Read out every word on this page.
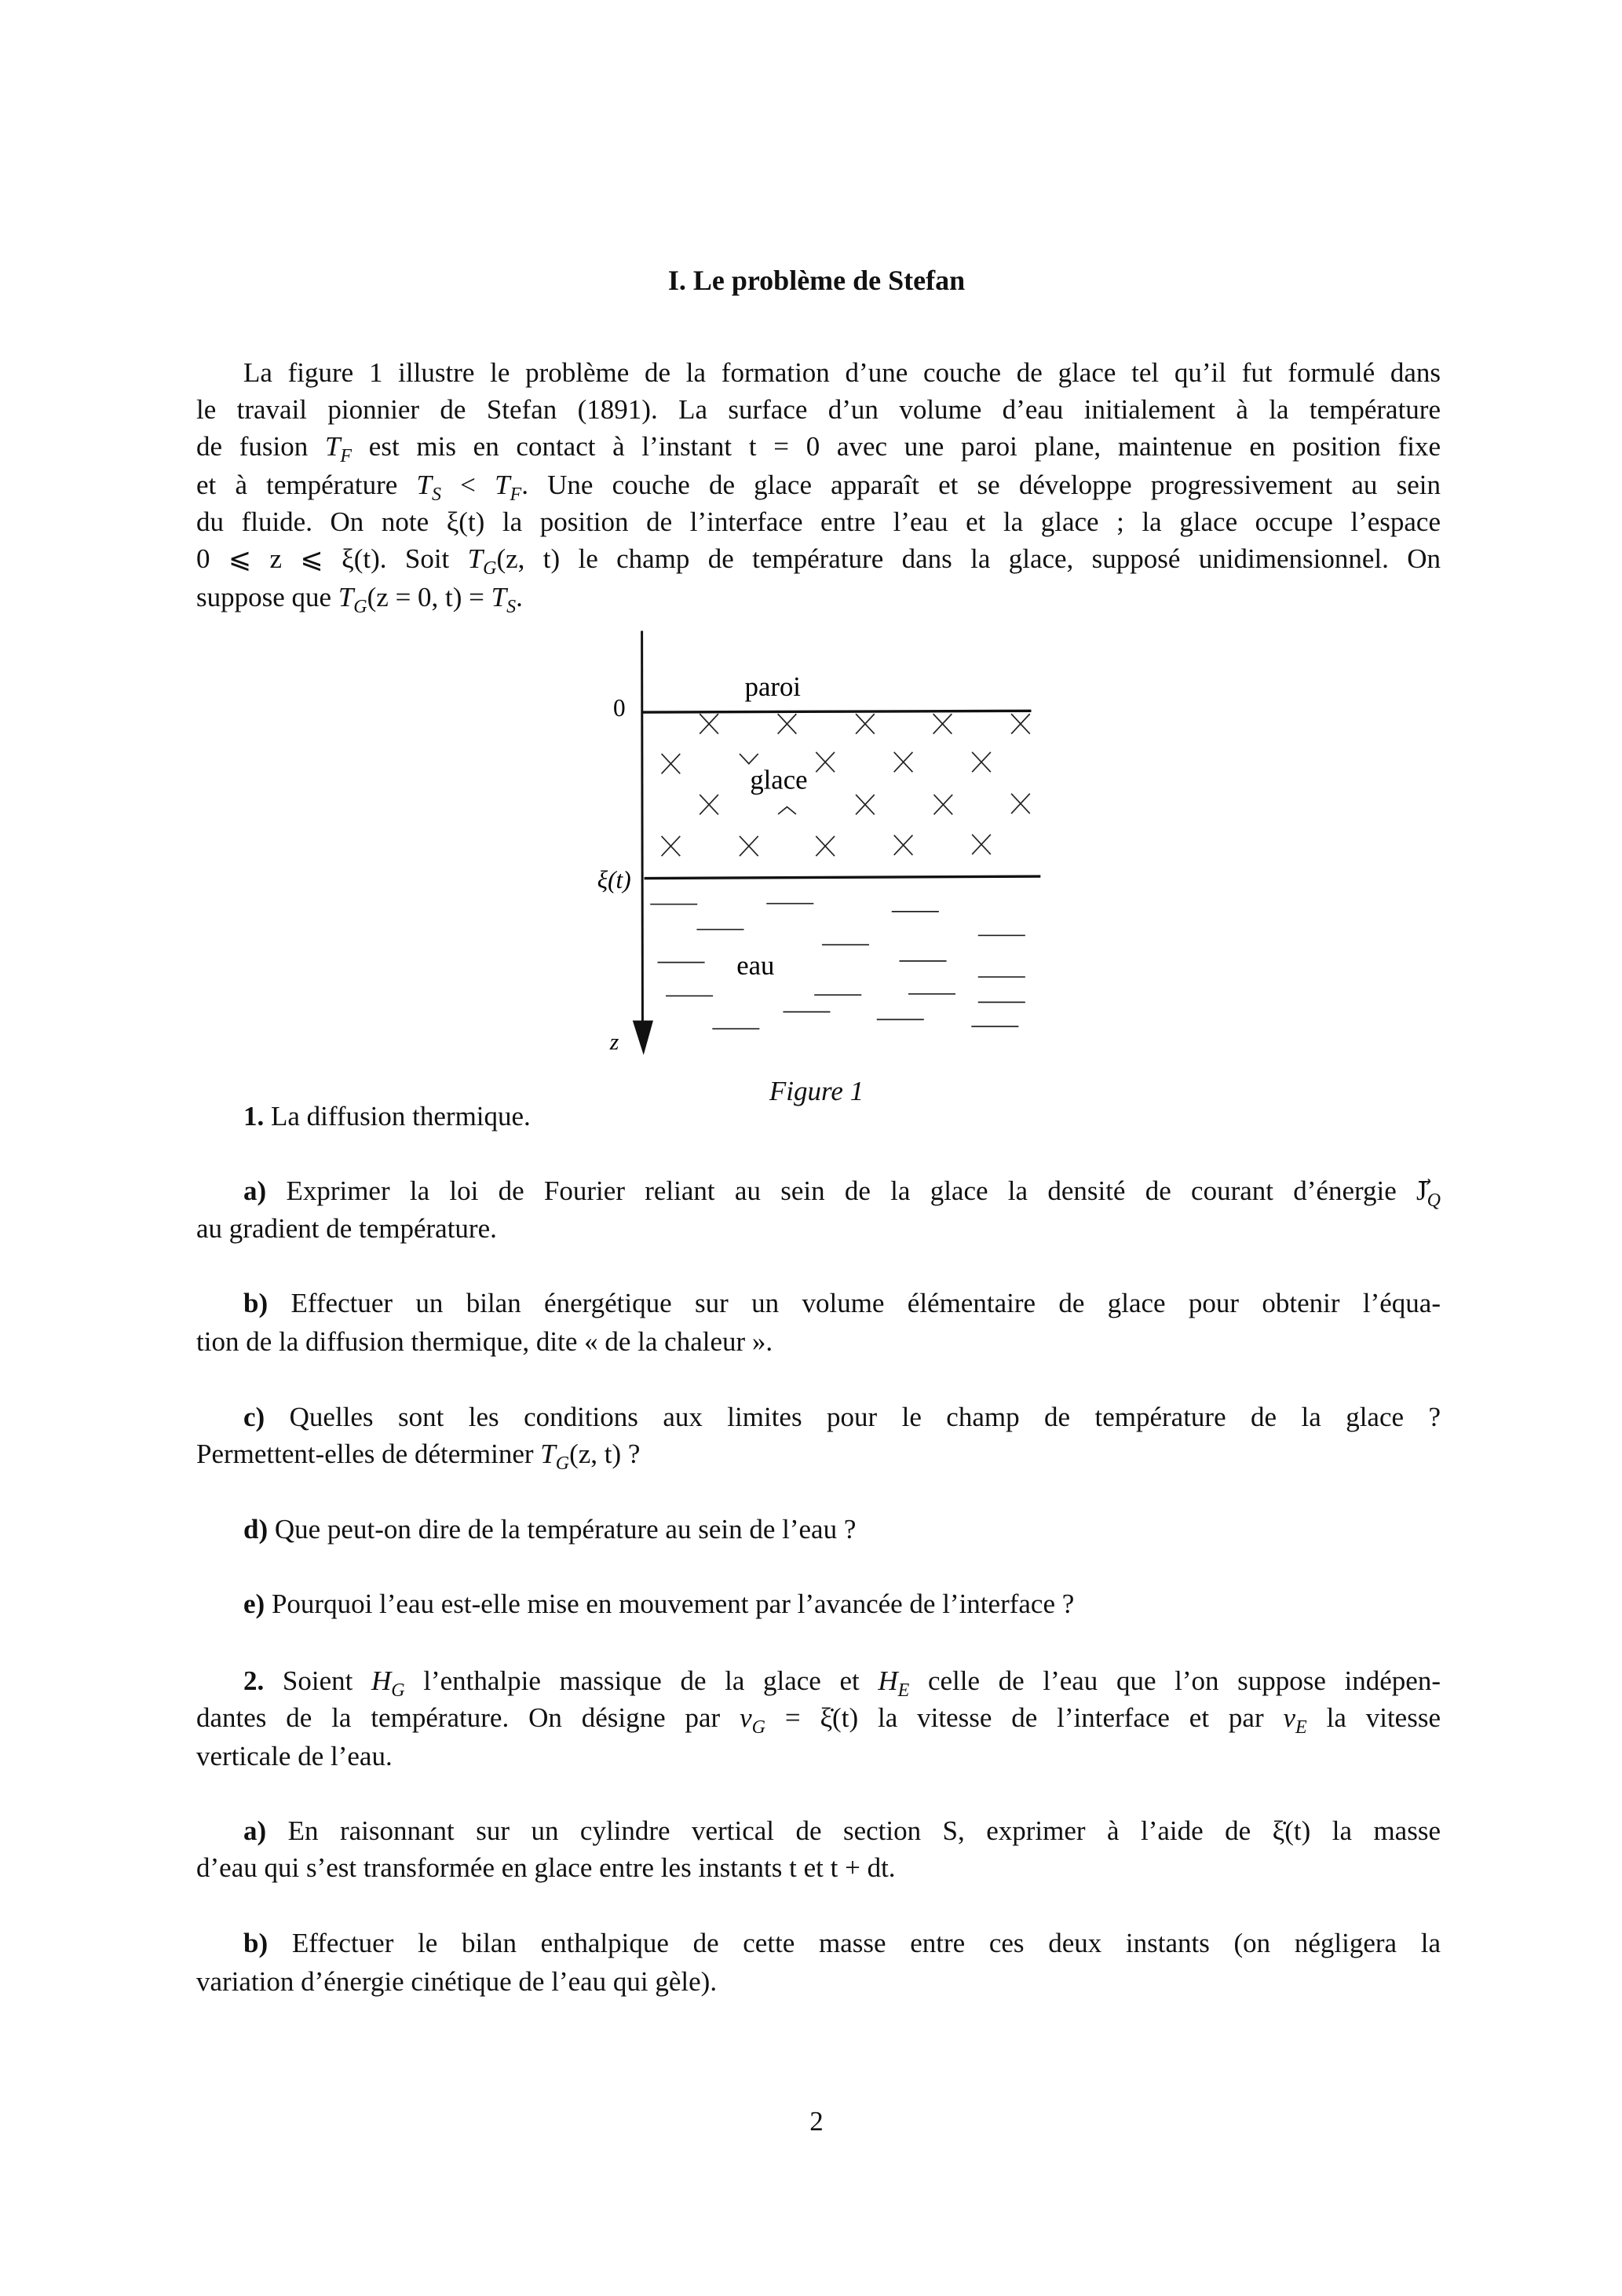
I. Le problème de Stefan
La figure 1 illustre le problème de la formation d’une couche de glace tel qu’il fut formulé dans
le travail pionnier de Stefan (1891). La surface d’un volume d’eau initialement à la température
de fusion $T_F$ est mis en contact à l’instant t = 0 avec une paroi plane, maintenue en position fixe
et à température $T_S < T_F$. Une couche de glace apparaît et se développe progressivement au sein
du fluide. On note ξ(t) la position de l’interface entre l’eau et la glace ; la glace occupe l’espace
0 ⩽ z ⩽ ξ(t). Soit $T_G(z$, t) le champ de température dans la glace, supposé unidimensionnel. On
suppose que $T_G(z = 0$, $t) = T_S$.
0
ξ(t)
z
paroi
glace
eau
Figure 1
1. La diffusion thermique.
a) Exprimer la loi de Fourier reliant au sein de la glace la densité de courant d’énergie $J_Q$
au gradient de température.
b) Effectuer un bilan énergétique sur un volume élémentaire de glace pour obtenir l’équa-
tion de la diffusion thermique, dite « de la chaleur ».
c) Quelles sont les conditions aux limites pour le champ de température de la glace ?
Permettent-elles de déterminer $T_G(z$, t) ?
d) Que peut-on dire de la température au sein de l’eau ?
e) Pourquoi l’eau est-elle mise en mouvement par l’avancée de l’interface ?
2. Soient $H_G$ l’enthalpie massique de la glace et $H_E$ celle de l’eau que l’on suppose indépen-
dantes de la température. On désigne par $v_G$ = ξ̇(t) la vitesse de l’interface et par $v_E$ la vitesse
verticale de l’eau.
a) En raisonnant sur un cylindre vertical de section S, exprimer à l’aide de ξ̇(t) la masse
d’eau qui s’est transformée en glace entre les instants t et t + dt.
b) Effectuer le bilan enthalpique de cette masse entre ces deux instants (on négligera la
variation d’énergie cinétique de l’eau qui gèle).
2
